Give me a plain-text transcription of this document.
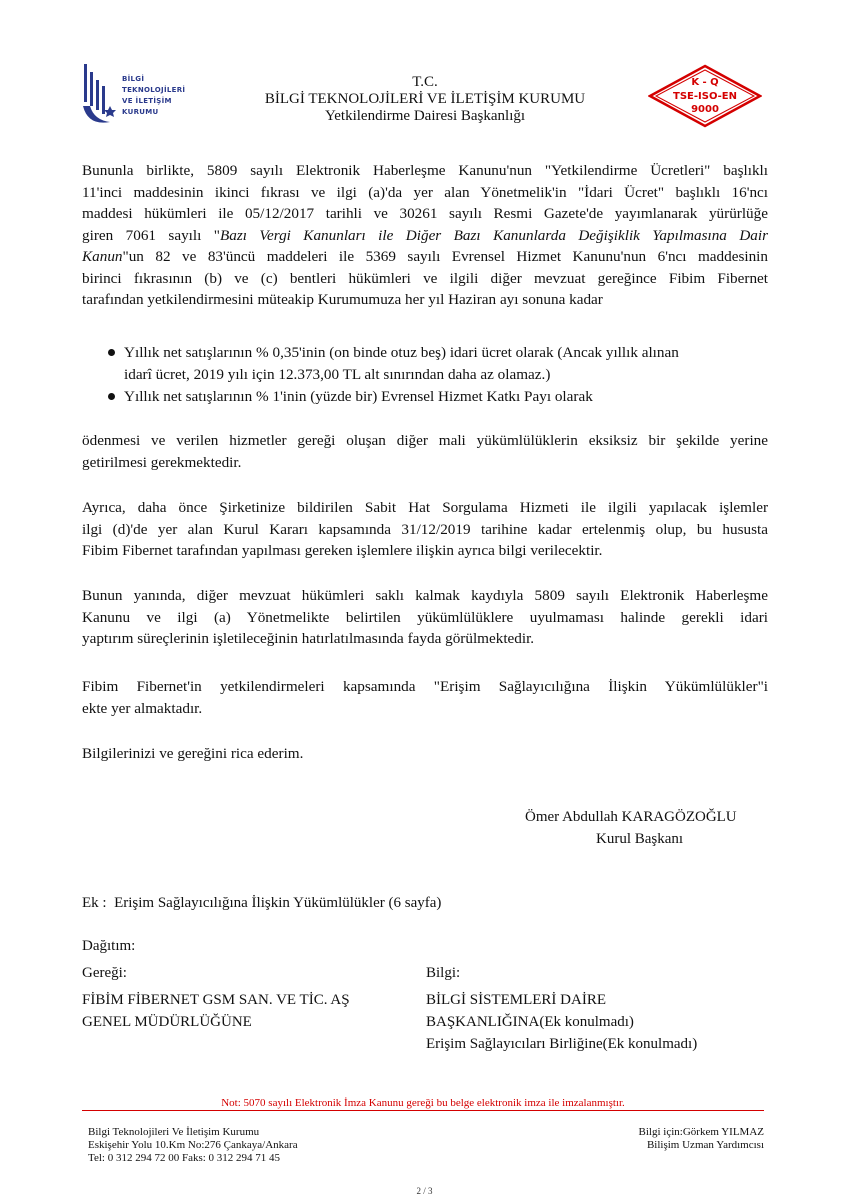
BİLGİ
TEKNOLOJİLERİ
VE İLETİŞİM
KURUMU
T.C.
BİLGİ TEKNOLOJİLERİ VE İLETİŞİM KURUMU
Yetkilendirme Dairesi Başkanlığı
K - Q
TSE-ISO-EN
9000
Bununla birlikte, 5809 sayılı Elektronik Haberleşme Kanunu'nun "Yetkilendirme Ücretleri" başlıklı
11'inci maddesinin ikinci fıkrası ve ilgi (a)'da yer alan Yönetmelik'in "İdari Ücret" başlıklı 16'ncı
maddesi hükümleri ile 05/12/2017 tarihli ve 30261 sayılı Resmi Gazete'de yayımlanarak yürürlüğe
giren 7061 sayılı "Bazı Vergi Kanunları ile Diğer Bazı Kanunlarda Değişiklik Yapılmasına Dair
Kanun"un 82 ve 83'üncü maddeleri ile 5369 sayılı Evrensel Hizmet Kanunu'nun 6'ncı maddesinin
birinci fıkrasının (b) ve (c) bentleri hükümleri ve ilgili diğer mevzuat gereğince Fibim Fibernet
tarafından yetkilendirmesini müteakip Kurumumuza her yıl Haziran ayı sonuna kadar
Yıllık net satışlarının % 0,35'inin (on binde otuz beş) idari ücret olarak (Ancak yıllık alınan
idarî ücret, 2019 yılı için 12.373,00 TL alt sınırından daha az olamaz.)
Yıllık net satışlarının % 1'inin (yüzde bir) Evrensel Hizmet Katkı Payı olarak
ödenmesi ve verilen hizmetler gereği oluşan diğer mali yükümlülüklerin eksiksiz bir şekilde yerine
getirilmesi gerekmektedir.
Ayrıca, daha önce Şirketinize bildirilen Sabit Hat Sorgulama Hizmeti ile ilgili yapılacak işlemler
ilgi (d)'de yer alan Kurul Kararı kapsamında 31/12/2019 tarihine kadar ertelenmiş olup, bu hususta
Fibim Fibernet tarafından yapılması gereken işlemlere ilişkin ayrıca bilgi verilecektir.
Bunun yanında, diğer mevzuat hükümleri saklı kalmak kaydıyla 5809 sayılı Elektronik Haberleşme
Kanunu ve ilgi (a) Yönetmelikte belirtilen yükümlülüklere uyulmaması halinde gerekli idari
yaptırım süreçlerinin işletileceğinin hatırlatılmasında fayda görülmektedir.
Fibim Fibernet'in yetkilendirmeleri kapsamında "Erişim Sağlayıcılığına İlişkin Yükümlülükler"i
ekte yer almaktadır.
Bilgilerinizi ve gereğini rica ederim.
Ömer Abdullah KARAGÖZOĞLU
Kurul Başkanı
Ek :  Erişim Sağlayıcılığına İlişkin Yükümlülükler (6 sayfa)
Dağıtım:
Gereği:
FİBİM FİBERNET GSM SAN. VE TİC. AŞ
GENEL MÜDÜRLÜĞÜNE
Bilgi:
BİLGİ SİSTEMLERİ DAİRE
BAŞKANLIĞINA(Ek konulmadı)
Erişim Sağlayıcıları Birliğine(Ek konulmadı)
Not: 5070 sayılı Elektronik İmza Kanunu gereği bu belge elektronik imza ile imzalanmıştır.
Bilgi Teknolojileri Ve İletişim Kurumu
Eskişehir Yolu 10.Km No:276 Çankaya/Ankara
Tel: 0 312 294 72 00 Faks: 0 312 294 71 45
Bilgi için:Görkem YILMAZ
Bilişim Uzman Yardımcısı
2 / 3
